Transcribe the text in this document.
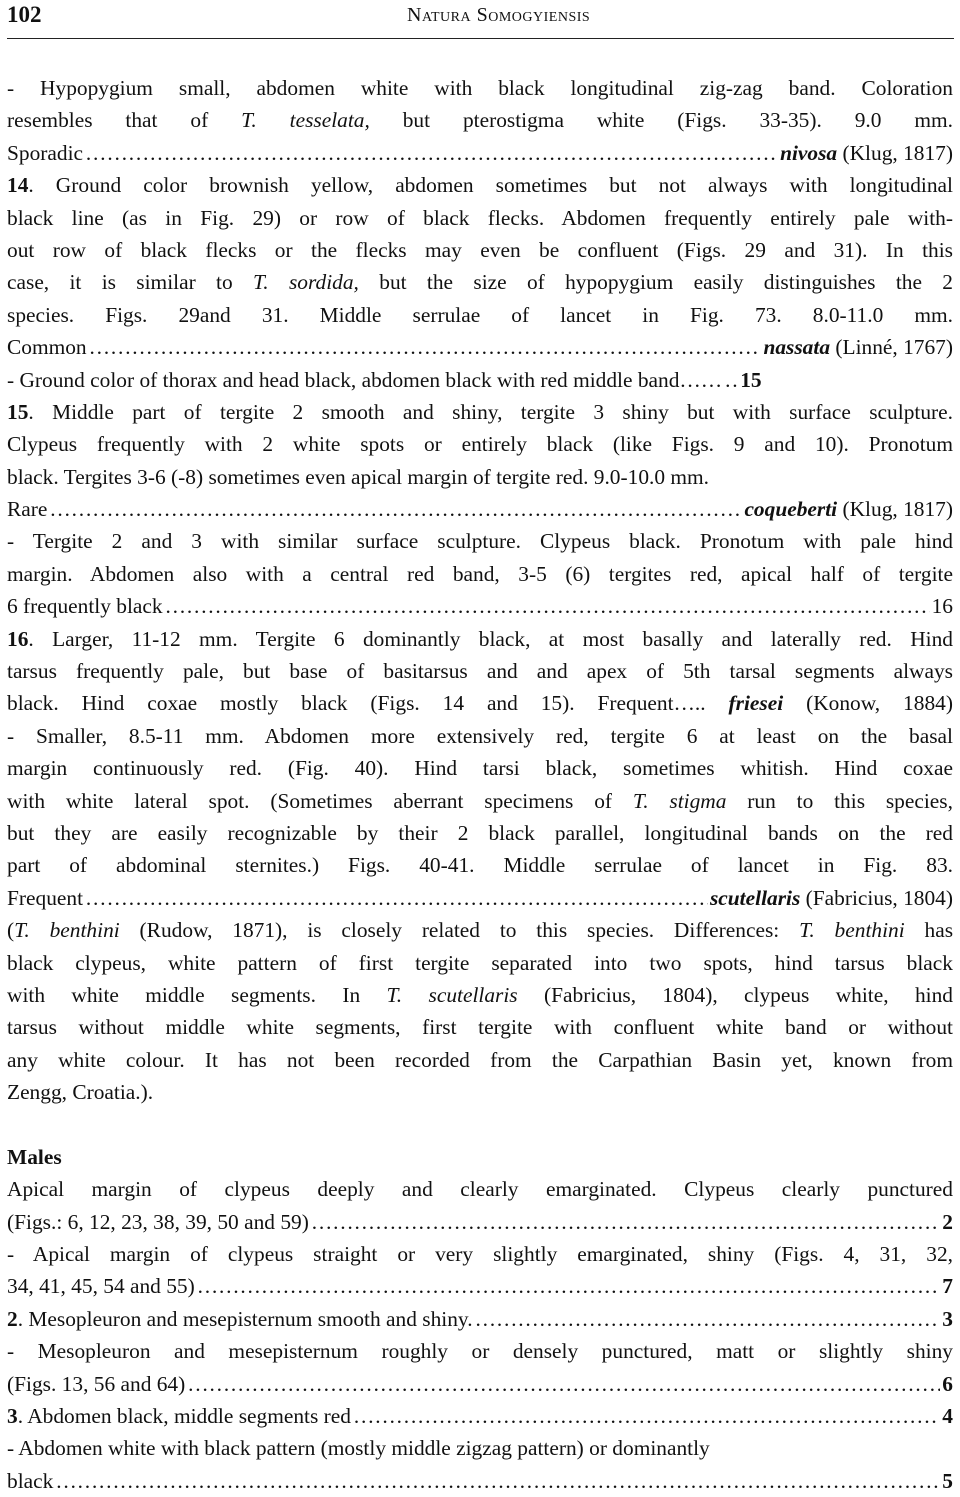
102	Natura Somogyiensis
- Hypopygium small, abdomen white with black longitudinal zig-zag band. Coloration
resembles that of T. tesselata, but pterostigma white (Figs. 33-35). 9.0 mm.
Sporadic …………………………………………………………………………………………………………………………………………………………………………………………	nivosa
(Klug, 1817)
14. Ground color brownish yellow, abdomen sometimes but not always with longitudinal
black line (as in Fig. 29) or row of black flecks. Abdomen frequently entirely pale with-
out row of black flecks or the flecks may even be confluent (Figs. 29 and 31). In this
case, it is similar to T. sordida, but the size of hypopygium easily distinguishes the 2
species. Figs. 29and 31. Middle serrulae of lancet in Fig. 73. 8.0-11.0 mm.
Common …………………………………………………………………………………………………………………………………………………………………………………………	nassata
(Linné, 1767)
- Ground color of thorax and head black, abdomen black with red middle band…… ………………………………………………………………………………………………………………………………………………………………………………………… 15
15. Middle part of tergite 2 smooth and shiny, tergite 3 shiny but with surface sculpture.
Clypeus frequently with 2 white spots or entirely black (like Figs. 9 and 10). Pronotum
black. Tergites 3-6 (-8) sometimes even apical margin of tergite red. 9.0-10.0 mm.
Rare …………………………………………………………………………………………………………………………………………………………………………………………	coqueberti
(Klug, 1817)
- Tergite 2 and 3 with similar surface sculpture. Clypeus black. Pronotum with pale hind
margin. Abdomen also with a central red band, 3-5 (6) tergites red, apical half of tergite
6 frequently black …………………………………………………………………………………………………………………………………………………………………………………………	16
16. Larger, 11-12 mm. Tergite 6 dominantly black, at most basally and laterally red. Hind
tarsus frequently pale, but base of basitarsus and and apex of 5th tarsal segments always
black. Hind coxae mostly black (Figs. 14 and 15). Frequent….. friesei (Konow, 1884)
- Smaller, 8.5-11 mm. Abdomen more extensively red, tergite 6 at least on the basal
margin continuously red. (Fig. 40). Hind tarsi black, sometimes whitish. Hind coxae
with white lateral spot. (Sometimes aberrant specimens of T. stigma run to this species,
but they are easily recognizable by their 2 black parallel, longitudinal bands on the red
part of abdominal sternites.) Figs. 40-41. Middle serrulae of lancet in Fig. 83.
Frequent …………………………………………………………………………………………………………………………………………………………………………………………	scutellaris
(Fabricius, 1804)
(T. benthini (Rudow, 1871), is closely related to this species. Differences: T. benthini has
black clypeus, white pattern of first tergite separated into two spots, hind tarsus black
with white middle segments. In T. scutellaris (Fabricius, 1804), clypeus white, hind
tarsus without middle white segments, first tergite with confluent white band or without
any white colour. It has not been recorded from the Carpathian Basin yet, known from
Zengg, Croatia.).
Males
Apical margin of clypeus deeply and clearly emarginated. Clypeus clearly punctured
(Figs.: 6, 12, 23, 38, 39, 50 and 59) …………………………………………………………………………………………………………………………………………………………………………………………	2
- Apical margin of clypeus straight or very slightly emarginated, shiny (Figs. 4, 31, 32,
34, 41, 45, 54 and 55) …………………………………………………………………………………………………………………………………………………………………………………………	7
2. Mesopleuron and mesepisternum smooth and shiny. …………………………………………………………………………………………………………………………………………………………………………………………	3
- Mesopleuron and mesepisternum roughly or densely punctured, matt or slightly shiny
(Figs. 13, 56 and 64) …………………………………………………………………………………………………………………………………………………………………………………………	6
3. Abdomen black, middle segments red …………………………………………………………………………………………………………………………………………………………………………………………	4
- Abdomen white with black pattern (mostly middle zigzag pattern) or dominantly
black …………………………………………………………………………………………………………………………………………………………………………………………	5
